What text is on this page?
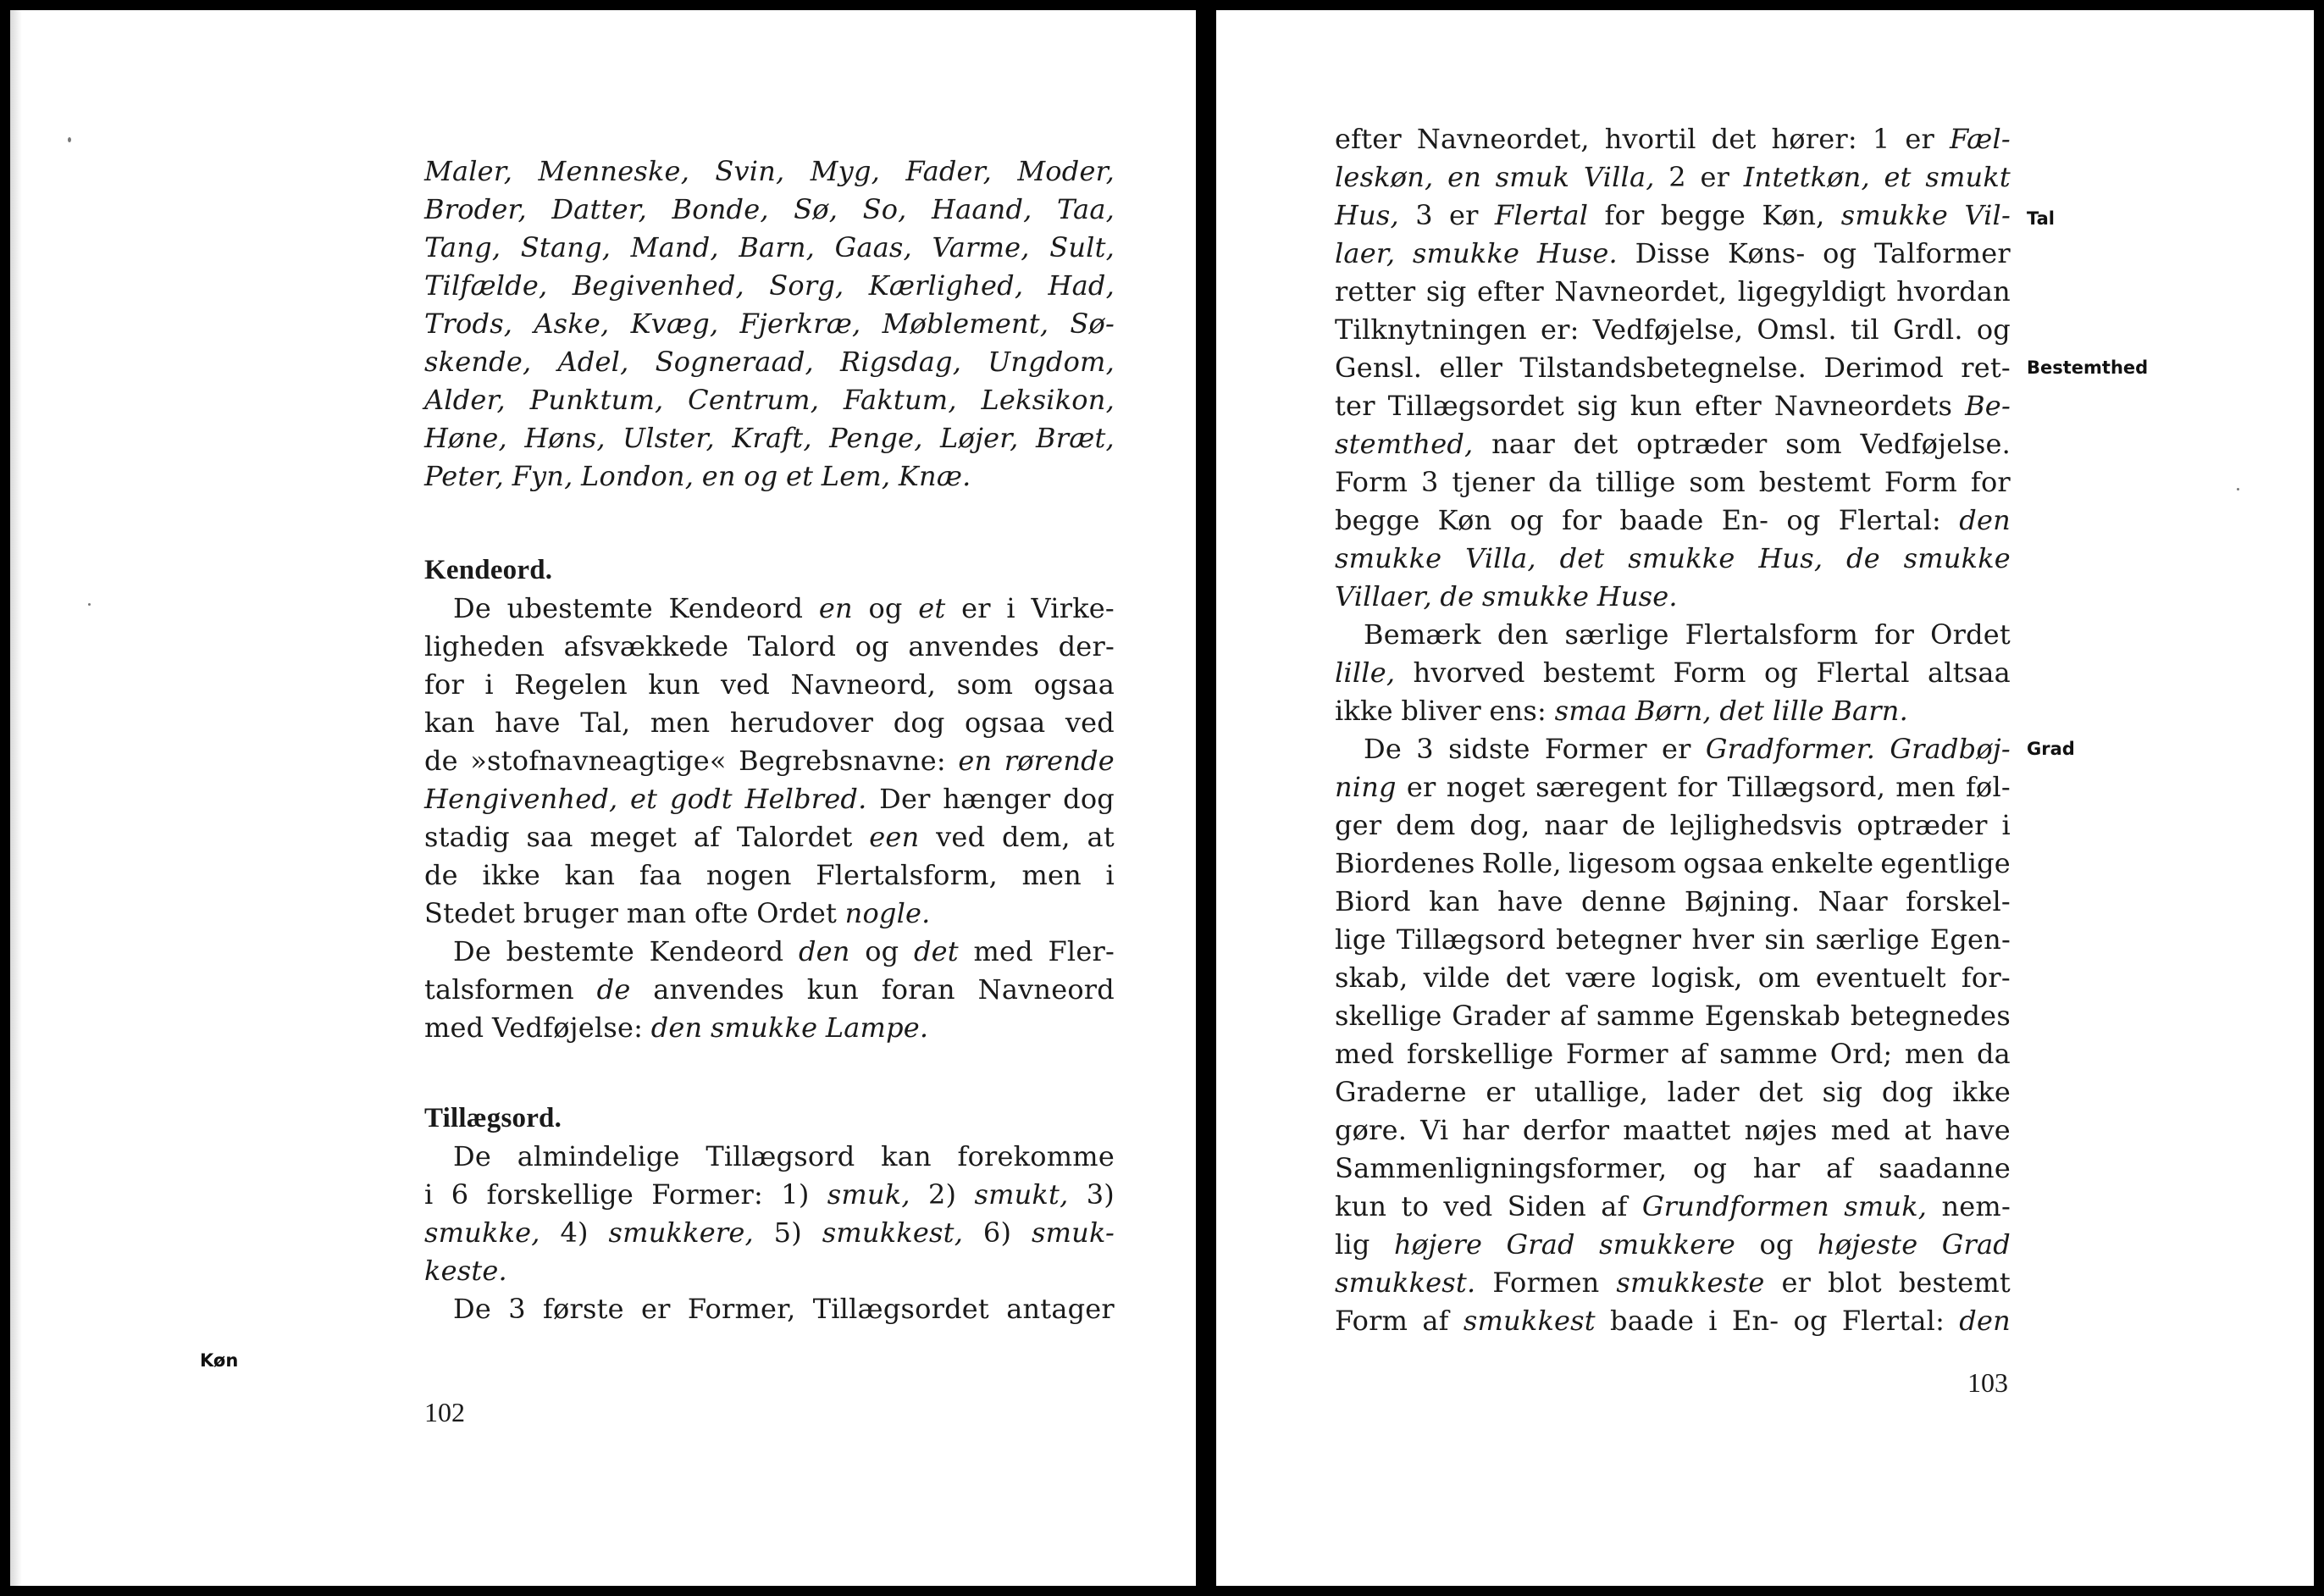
Maler, Menneske, Svin, Myg, Fader, Moder,
Broder, Datter, Bonde, Sø, So, Haand, Taa,
Tang, Stang, Mand, Barn, Gaas, Varme, Sult,
Tilfælde, Begivenhed, Sorg, Kærlighed, Had,
Trods, Aske, Kvæg, Fjerkræ, Møblement, Sø-
skende, Adel, Sogneraad, Rigsdag, Ungdom,
Alder, Punktum, Centrum, Faktum, Leksikon,
Høne, Høns, Ulster, Kraft, Penge, Løjer, Bræt,
Peter, Fyn, London, en og et Lem, Knæ.
Kendeord.
De ubestemte Kendeord en og et er i Virke-
ligheden afsvækkede Talord og anvendes der-
for i Regelen kun ved Navneord, som ogsaa
kan have Tal, men herudover dog ogsaa ved
de »stofnavneagtige« Begrebsnavne: en rørende
Hengivenhed, et godt Helbred. Der hænger dog
stadig saa meget af Talordet een ved dem, at
de ikke kan faa nogen Flertalsform, men i
Stedet bruger man ofte Ordet nogle.
De bestemte Kendeord den og det med Fler-
talsformen de anvendes kun foran Navneord
med Vedføjelse: den smukke Lampe.
Tillægsord.
De almindelige Tillægsord kan forekomme
i 6 forskellige Former: 1) smuk, 2) smukt, 3)
smukke, 4) smukkere, 5) smukkest, 6) smuk-
keste.
De 3 første er Former, Tillægsordet antager
Køn
102
efter Navneordet, hvortil det hører: 1 er Fæl-
leskøn, en smuk Villa, 2 er Intetkøn, et smukt
Hus, 3 er Flertal for begge Køn, smukke Vil-
laer, smukke Huse. Disse Køns- og Talformer
retter sig efter Navneordet, ligegyldigt hvordan
Tilknytningen er: Vedføjelse, Omsl. til Grdl. og
Gensl. eller Tilstandsbetegnelse. Derimod ret-
ter Tillægsordet sig kun efter Navneordets Be-
stemthed, naar det optræder som Vedføjelse.
Form 3 tjener da tillige som bestemt Form for
begge Køn og for baade En- og Flertal: den
smukke Villa, det smukke Hus, de smukke
Villaer, de smukke Huse.
Bemærk den særlige Flertalsform for Ordet
lille, hvorved bestemt Form og Flertal altsaa
ikke bliver ens: smaa Børn, det lille Barn.
De 3 sidste Former er Gradformer. Gradbøj-
ning er noget særegent for Tillægsord, men føl-
ger dem dog, naar de lejlighedsvis optræder i
Biordenes Rolle, ligesom ogsaa enkelte egentlige
Biord kan have denne Bøjning. Naar forskel-
lige Tillægsord betegner hver sin særlige Egen-
skab, vilde det være logisk, om eventuelt for-
skellige Grader af samme Egenskab betegnedes
med forskellige Former af samme Ord; men da
Graderne er utallige, lader det sig dog ikke
gøre. Vi har derfor maattet nøjes med at have
Sammenligningsformer, og har af saadanne
kun to ved Siden af Grundformen smuk, nem-
lig højere Grad smukkere og højeste Grad
smukkest. Formen smukkeste er blot bestemt
Form af smukkest baade i En- og Flertal: den
Tal
Bestemthed
Grad
103
